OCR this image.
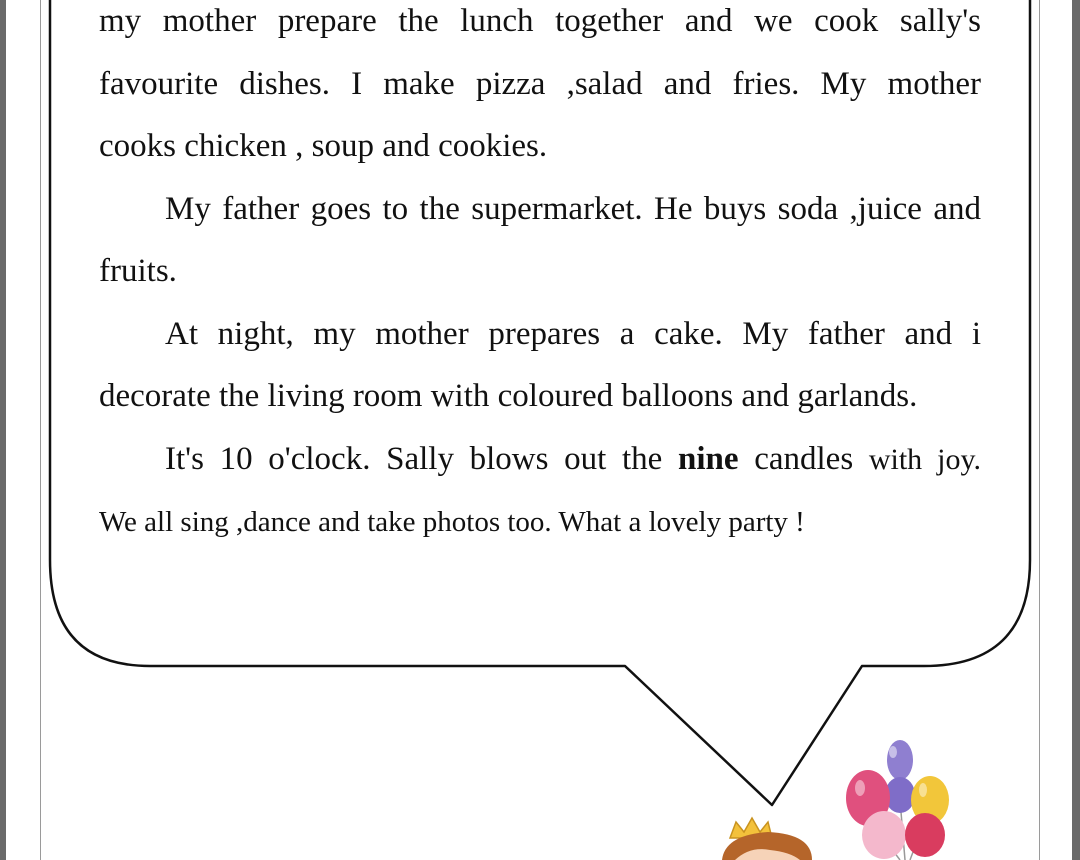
my mother prepare the lunch together and we cook sally's

favourite dishes. I make pizza ,salad and fries. My mother

cooks chicken , soup and cookies.

My father goes to the supermarket. He buys soda ,juice and fruits.

At night, my mother prepares a cake. My father and i decorate the living room with coloured balloons and garlands.

It's 10 o'clock. Sally blows out the nine candles with joy.

We all sing ,dance and take photos too. What a lovely party !
